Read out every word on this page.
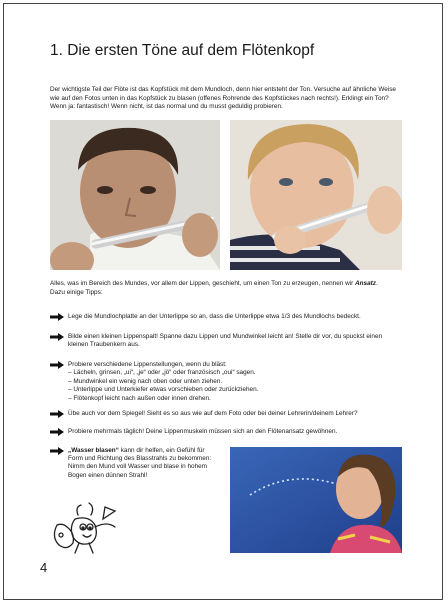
1. Die ersten Töne auf dem Flötenkopf

Der wichtigste Teil der Flöte ist das Kopfstück mit dem Mundloch, denn hier entsteht der Ton. Versuche auf ähnliche Weise wie auf den Fotos unten in das Kopfstück zu blasen (offenes Rohrende des Kopfstückes nach rechts!). Erklingt ein Ton? Wenn ja: fantastisch! Wenn nicht, ist das normal und du musst geduldig probieren.

Alles, was im Bereich des Mundes, vor allem der Lippen, geschieht, um einen Ton zu erzeugen, nennen wir Ansatz.
Dazu einige Tipps:

Lege die Mundlochplatte an der Unterlippe so an, dass die Unterlippe etwa 1/3 des Mundlochs bedeckt.
Bilde einen kleinen Lippenspalt! Spanne dazu Lippen und Mundwinkel leicht an! Stelle dir vor, du spuckst einen kleinen Traubenkern aus.
Probiere verschiedene Lippenstellungen, wenn du bläst:
– Lächeln, grinsen, „ui“, „je“ oder „jö“ oder französisch „oui“ sagen.
– Mundwinkel ein wenig nach oben oder unten ziehen.
– Unterlippe und Unterkiefer etwas vorschieben oder zurückziehen.
– Flötenkopf leicht nach außen oder innen drehen.
Übe auch vor dem Spiegel! Sieht es so aus wie auf dem Foto oder bei deiner Lehrerin/deinem Lehrer?
Probiere mehrmals täglich! Deine Lippenmuskeln müssen sich an den Flötenansatz gewöhnen.
„Wasser blasen“ kann dir helfen, ein Gefühl für Form und Richtung des Blasstrahls zu bekommen: Nimm den Mund voll Wasser und blase in hohem Bogen einen dünnen Strahl!
4
